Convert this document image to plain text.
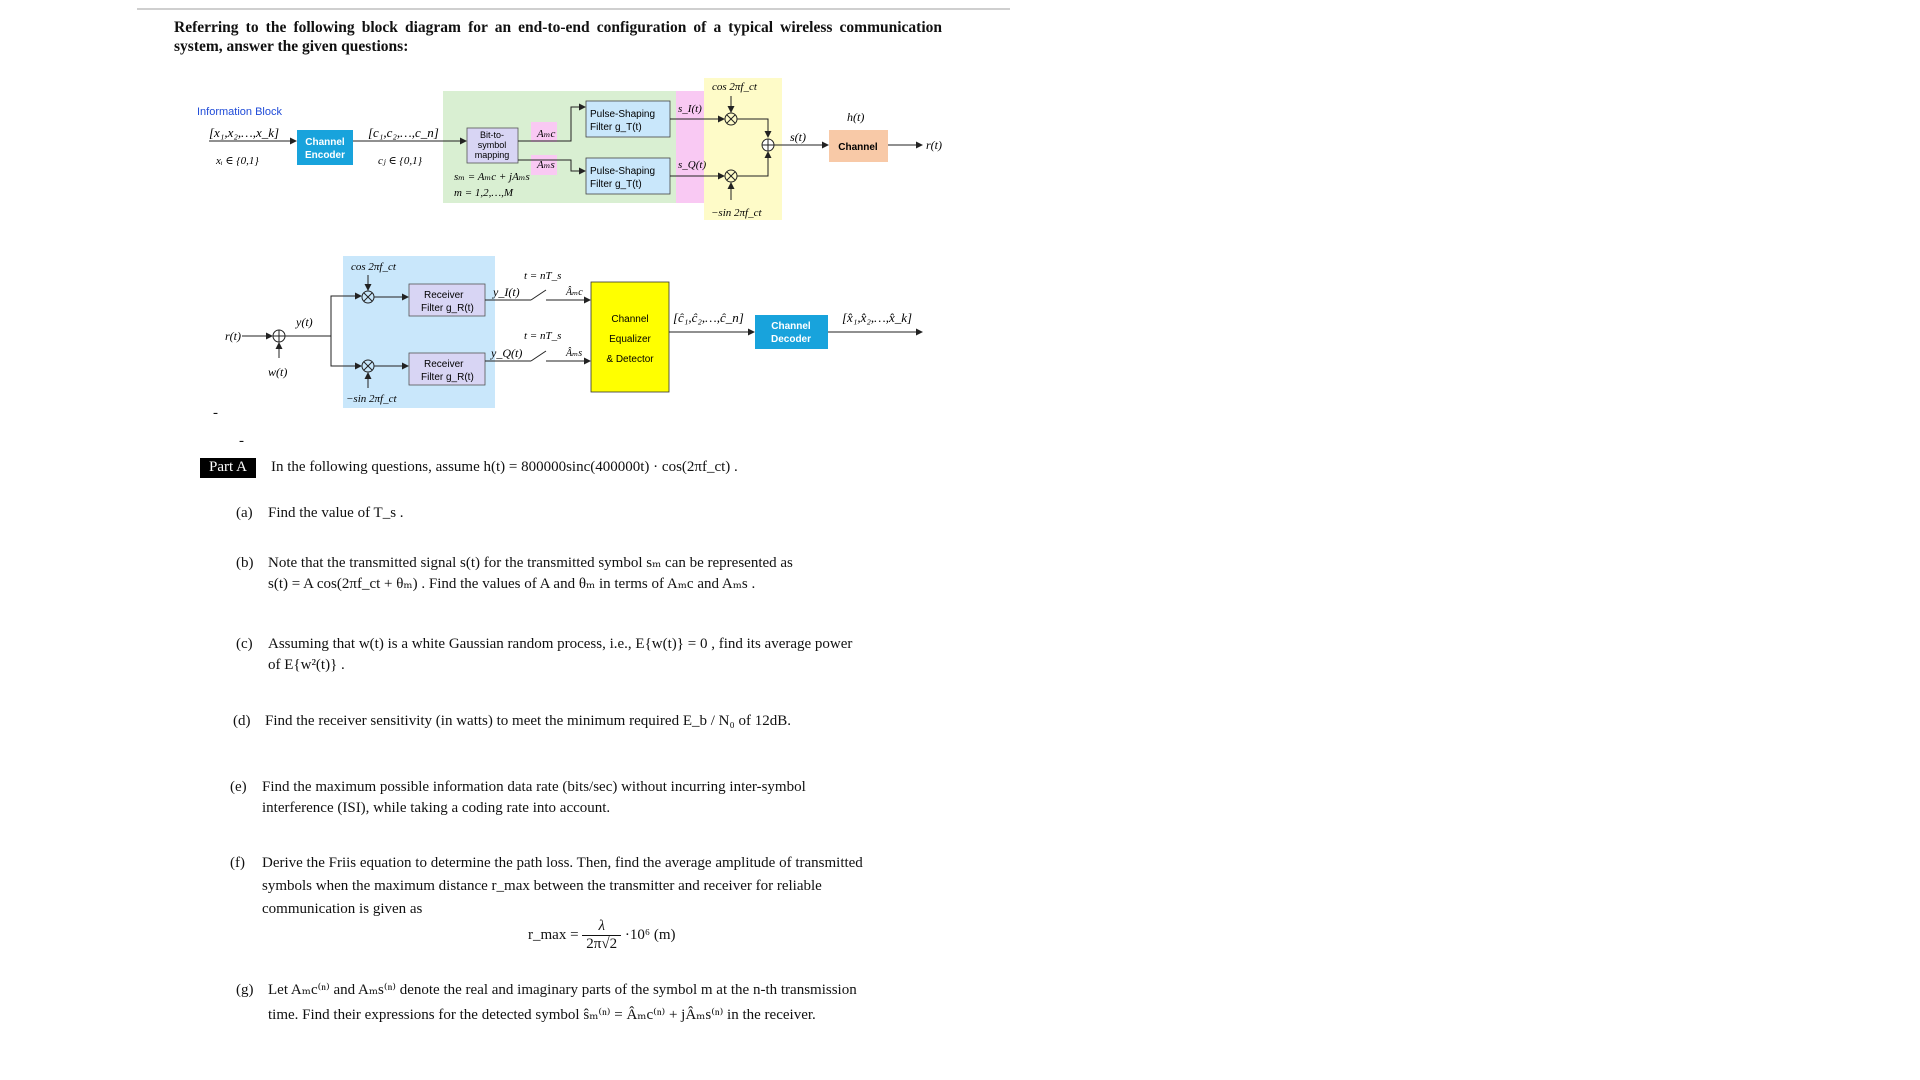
Referring to the following block diagram for an end-to-end configuration of a typical wireless communication system, answer the given questions:
Information Block
[x₁,x₂,…,x_k]
xᵢ ∈ {0,1}
Channel
Encoder
[c₁,c₂,…,c_n]
cⱼ ∈ {0,1}
Bit-to-
symbol
mapping
sₘ = Aₘc + jAₘs
m = 1,2,…,M
Aₘc
Aₘs
Pulse-Shaping
Filter g_T(t)
Pulse-Shaping
Filter g_T(t)
s_I(t)
s_Q(t)
cos 2πf_ct
−sin 2πf_ct
s(t)
Channel
h(t)
r(t)
r(t)
w(t)
y(t)
cos 2πf_ct
−sin 2πf_ct
Receiver
Filter g_R(t)
Receiver
Filter g_R(t)
y_I(t)
y_Q(t)
t = nT_s
t = nT_s
Âₘc
Âₘs
Channel
Equalizer
& Detector
[ĉ₁,ĉ₂,…,ĉ_n]
Channel
Decoder
[x̂₁,x̂₂,…,x̂_k]
-
-
Part A	In the following questions, assume h(t) = 800000sinc(400000t) · cos(2πf_ct) .
(a) Find the value of T_s .
(b) Note that the transmitted signal s(t) for the transmitted symbol sₘ can be represented as
s(t) = A cos(2πf_ct + θₘ) . Find the values of A and θₘ in terms of Aₘc and Aₘs .
(c) Assuming that w(t) is a white Gaussian random process, i.e., E{w(t)} = 0 , find its average power
of E{w²(t)} .
(d) Find the receiver sensitivity (in watts) to meet the minimum required E_b / N₀ of 12dB.
(e) Find the maximum possible information data rate (bits/sec) without incurring inter-symbol
interference (ISI), while taking a coding rate into account.
(f) Derive the Friis equation to determine the path loss. Then, find the average amplitude of transmitted
symbols when the maximum distance r_max between the transmitter and receiver for reliable
communication is given as
r_max = $\frac{\lambda}{2\pi√2} \cdot 10^6$ (m)
(g) Let Aₘc⁽ⁿ⁾ and Aₘs⁽ⁿ⁾ denote the real and imaginary parts of the symbol m at the n-th transmission
time. Find their expressions for the detected symbol ŝₘ⁽ⁿ⁾ = Âₘc⁽ⁿ⁾ + jÂₘs⁽ⁿ⁾ in the receiver.
